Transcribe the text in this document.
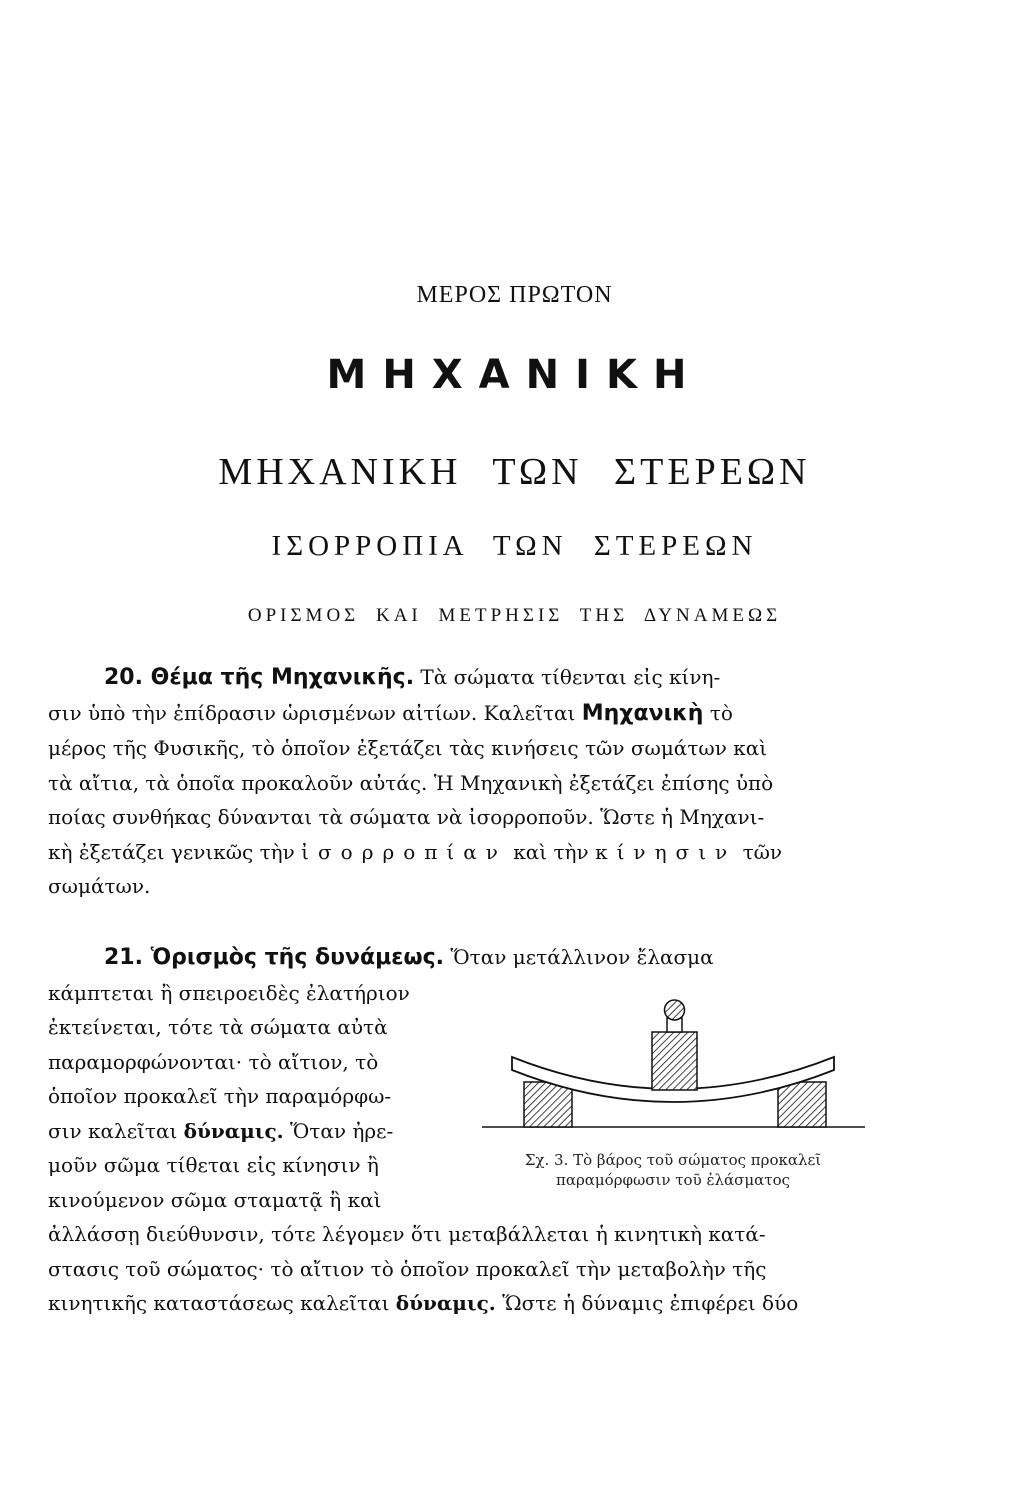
ΜΕΡΟΣ ΠΡΩΤΟΝ
ΜΗΧΑΝΙΚΗ
ΜΗΧΑΝΙΚΗ ΤΩΝ ΣΤΕΡΕΩΝ
ΙΣΟΡΡΟΠΙΑ ΤΩΝ ΣΤΕΡΕΩΝ
ΟΡΙΣΜΟΣ ΚΑΙ ΜΕΤΡΗΣΙΣ ΤΗΣ ΔΥΝΑΜΕΩΣ
20. Θέμα τῆς Μηχανικῆς. Τὰ σώματα τίθενται εἰς κίνη-
σιν ὑπὸ τὴν ἐπίδρασιν ὡρισμένων αἰτίων. Καλεῖται Μηχανικὴ τὸ
μέρος τῆς Φυσικῆς, τὸ ὁποῖον ἐξετάζει τὰς κινήσεις τῶν σωμάτων καὶ
τὰ αἴτια, τὰ ὁποῖα προκαλοῦν αὐτάς. Ἡ Μηχανικὴ ἐξετάζει ἐπίσης ὑπὸ
ποίας συνθήκας δύνανται τὰ σώματα νὰ ἰσορροποῦν. Ὥστε ἡ Μηχανι-
κὴ ἐξετάζει γενικῶς τὴν ἰσορροπίαν καὶ τὴν κίνησιν τῶν
σωμάτων.
21. Ὁρισμὸς τῆς δυνάμεως. Ὅταν μετάλλινον ἔλασμα
κάμπτεται ἢ σπειροειδὲς ἐλατήριον
ἐκτείνεται, τότε τὰ σώματα αὐτὰ
παραμορφώνονται· τὸ αἴτιον, τὸ
ὁποῖον προκαλεῖ τὴν παραμόρφω-
σιν καλεῖται δύναμις. Ὅταν ἠρε-
μοῦν σῶμα τίθεται εἰς κίνησιν ἢ
κινούμενον σῶμα σταματᾷ ἢ καὶ
ἀλλάσσῃ διεύθυνσιν, τότε λέγομεν ὅτι μεταβάλλεται ἡ κινητικὴ κατά-
στασις τοῦ σώματος· τὸ αἴτιον τὸ ὁποῖον προκαλεῖ τὴν μεταβολὴν τῆς
κινητικῆς καταστάσεως καλεῖται δύναμις. Ὥστε ἡ δύναμις ἐπιφέρει δύο
Σχ. 3. Τὸ βάρος τοῦ σώματος προκαλεῖ παραμόρφωσιν τοῦ ἐλάσματος
